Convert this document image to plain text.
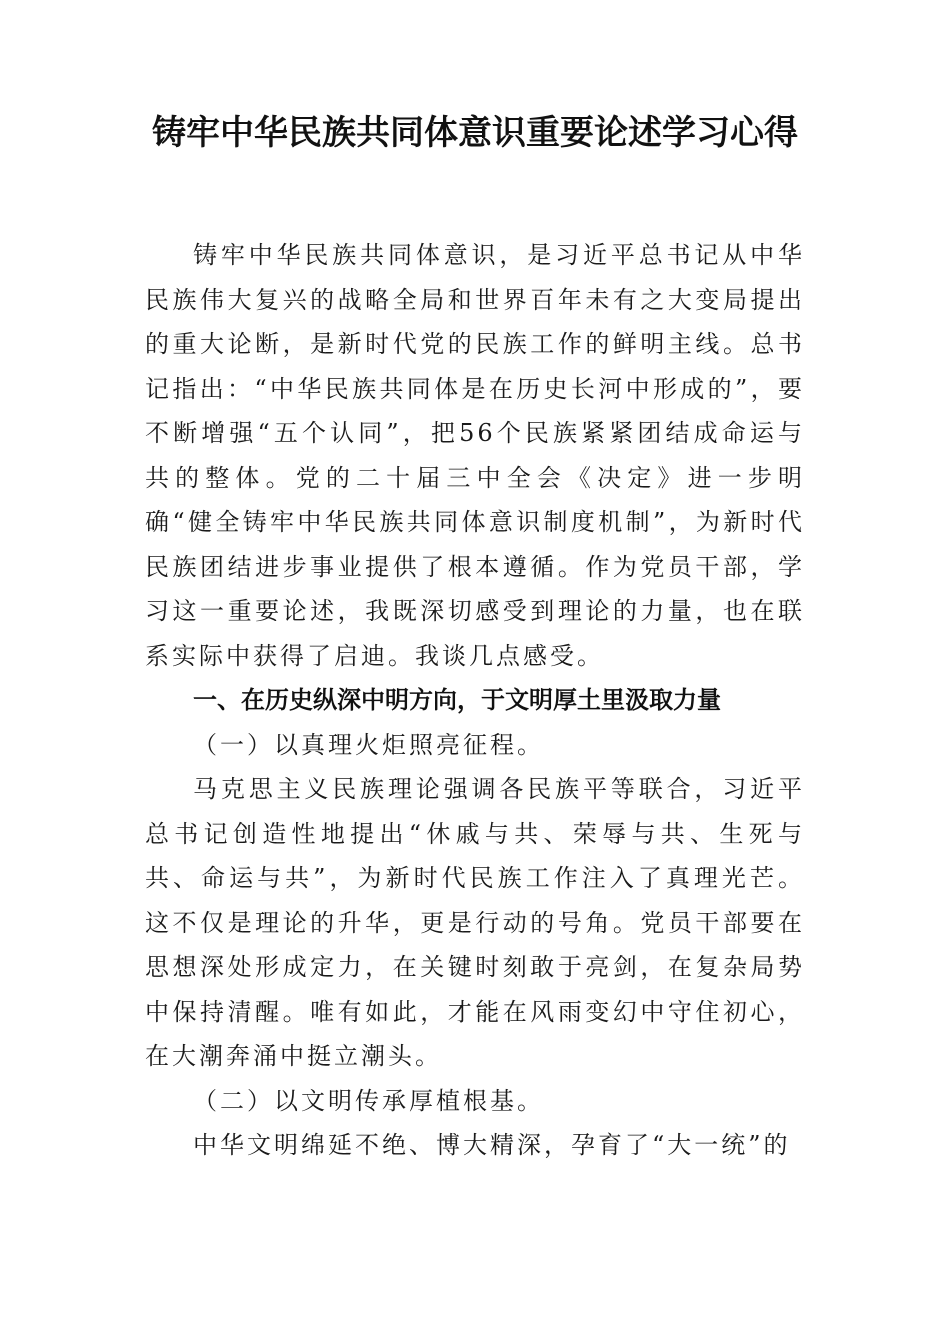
铸牢中华民族共同体意识重要论述学习心得

铸牢中华民族共同体意识，是习近平总书记从中华民族伟大复兴的战略全局和世界百年未有之大变局提出的重大论断，是新时代党的民族工作的鲜明主线。总书记指出：“中华民族共同体是在历史长河中形成的”，要不断增强“五个认同”，把56个民族紧紧团结成命运与共的整体。党的二十届三中全会《决定》进一步明确“健全铸牢中华民族共同体意识制度机制”，为新时代民族团结进步事业提供了根本遵循。作为党员干部，学习这一重要论述，我既深切感受到理论的力量，也在联系实际中获得了启迪。我谈几点感受。

一、在历史纵深中明方向，于文明厚土里汲取力量
（一）以真理火炬照亮征程。

马克思主义民族理论强调各民族平等联合，习近平总书记创造性地提出“休戚与共、荣辱与共、生死与共、命运与共”，为新时代民族工作注入了真理光芒。这不仅是理论的升华，更是行动的号角。党员干部要在思想深处形成定力，在关键时刻敢于亮剑，在复杂局势中保持清醒。唯有如此，才能在风雨变幻中守住初心，在大潮奔涌中挺立潮头。

（二）以文明传承厚植根基。

中华文明绵延不绝、博大精深，孕育了“大一统”的
